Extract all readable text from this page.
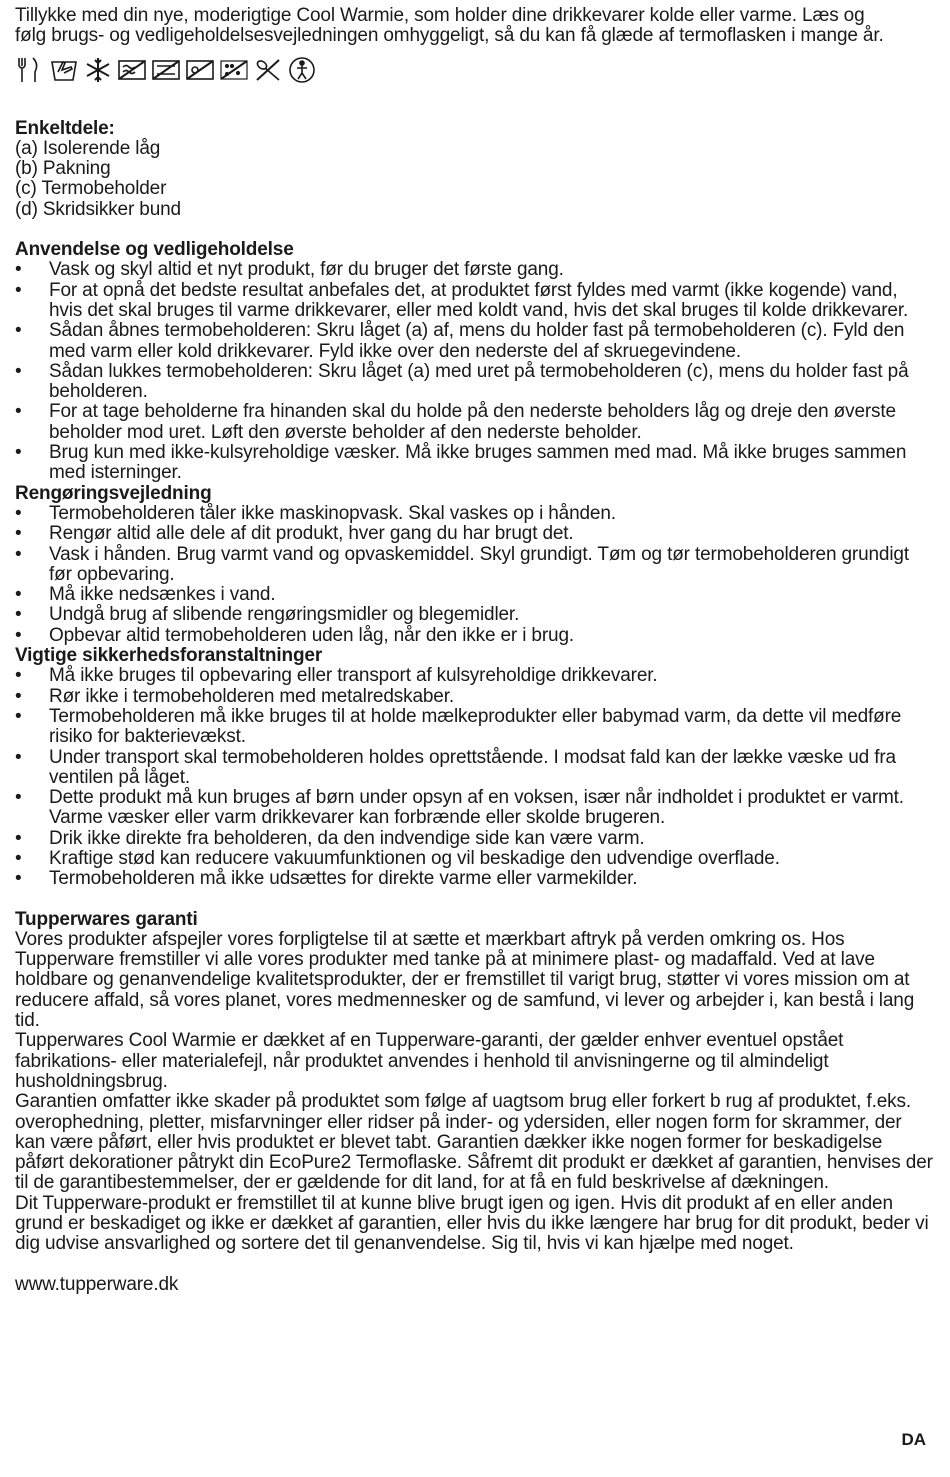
Tillykke med din nye, moderigtige Cool Warmie, som holder dine drikkevarer kolde eller varme. Læs og følg brugs- og vedligeholdelsesvejledningen omhyggeligt, så du kan få glæde af termoflasken i mange år.

Enkeltdele:

(a) Isolerende låg

(b) Pakning

(c) Termobeholder

(d) Skridsikker bund

Anvendelse og vedligeholdelse

• Vask og skyl altid et nyt produkt, før du bruger det første gang.
• For at opnå det bedste resultat anbefales det, at produktet først fyldes med varmt (ikke kogende) vand, hvis det skal bruges til varme drikkevarer, eller med koldt vand, hvis det skal bruges til kolde drikkevarer.
• Sådan åbnes termobeholderen: Skru låget (a) af, mens du holder fast på termobeholderen (c). Fyld den med varm eller kold drikkevarer. Fyld ikke over den nederste del af skruegevindene.
• Sådan lukkes termobeholderen: Skru låget (a) med uret på termobeholderen (c), mens du holder fast på beholderen.
• For at tage beholderne fra hinanden skal du holde på den nederste beholders låg og dreje den øverste beholder mod uret. Løft den øverste beholder af den nederste beholder.
• Brug kun med ikke-kulsyreholdige væsker. Må ikke bruges sammen med mad. Må ikke bruges sammen med isterninger.

Rengøringsvejledning

• Termobeholderen tåler ikke maskinopvask. Skal vaskes op i hånden.
• Rengør altid alle dele af dit produkt, hver gang du har brugt det.
• Vask i hånden. Brug varmt vand og opvaskemiddel. Skyl grundigt. Tøm og tør termobeholderen grundigt før opbevaring.
• Må ikke nedsænkes i vand.
• Undgå brug af slibende rengøringsmidler og blegemidler.
• Opbevar altid termobeholderen uden låg, når den ikke er i brug.

Vigtige sikkerhedsforanstaltninger

• Må ikke bruges til opbevaring eller transport af kulsyreholdige drikkevarer.
• Rør ikke i termobeholderen med metalredskaber.
• Termobeholderen må ikke bruges til at holde mælkeprodukter eller babymad varm, da dette vil medføre risiko for bakterievækst.
• Under transport skal termobeholderen holdes oprettstående. I modsat fald kan der lække væske ud fra ventilen på låget.
• Dette produkt må kun bruges af børn under opsyn af en voksen, især når indholdet i produktet er varmt. Varme væsker eller varm drikkevarer kan forbrænde eller skolde brugeren.
• Drik ikke direkte fra beholderen, da den indvendige side kan være varm.
• Kraftige stød kan reducere vakuumfunktionen og vil beskadige den udvendige overflade.
• Termobeholderen må ikke udsættes for direkte varme eller varmekilder.

Tupperwares garanti

Vores produkter afspejler vores forpligtelse til at sætte et mærkbart aftryk på verden omkring os. Hos Tupperware fremstiller vi alle vores produkter med tanke på at minimere plast- og madaffald. Ved at lave holdbare og genanvendelige kvalitetsprodukter, der er fremstillet til varigt brug, støtter vi vores mission om at reducere affald, så vores planet, vores medmennesker og de samfund, vi lever og arbejder i, kan bestå i lang tid.

Tupperwares Cool Warmie er dækket af en Tupperware-garanti, der gælder enhver eventuel opstået fabrikations- eller materialefejl, når produktet anvendes i henhold til anvisningerne og til almindeligt husholdningsbrug.

Garantien omfatter ikke skader på produktet som følge af uagtsom brug eller forkert b rug af produktet, f.eks. overophedning, pletter, misfarvninger eller ridser på inder- og ydersiden, eller nogen form for skrammer, der kan være påført, eller hvis produktet er blevet tabt. Garantien dækker ikke nogen former for beskadigelse påført dekorationer påtrykt din EcoPure2 Termoflaske. Såfremt dit produkt er dækket af garantien, henvises der til de garantibestemmelser, der er gældende for dit land, for at få en fuld beskrivelse af dækningen.

Dit Tupperware-produkt er fremstillet til at kunne blive brugt igen og igen. Hvis dit produkt af en eller anden grund er beskadiget og ikke er dækket af garantien, eller hvis du ikke længere har brug for dit produkt, beder vi dig udvise ansvarlighed og sortere det til genanvendelse. Sig til, hvis vi kan hjælpe med noget.

www.tupperware.dk

DA
